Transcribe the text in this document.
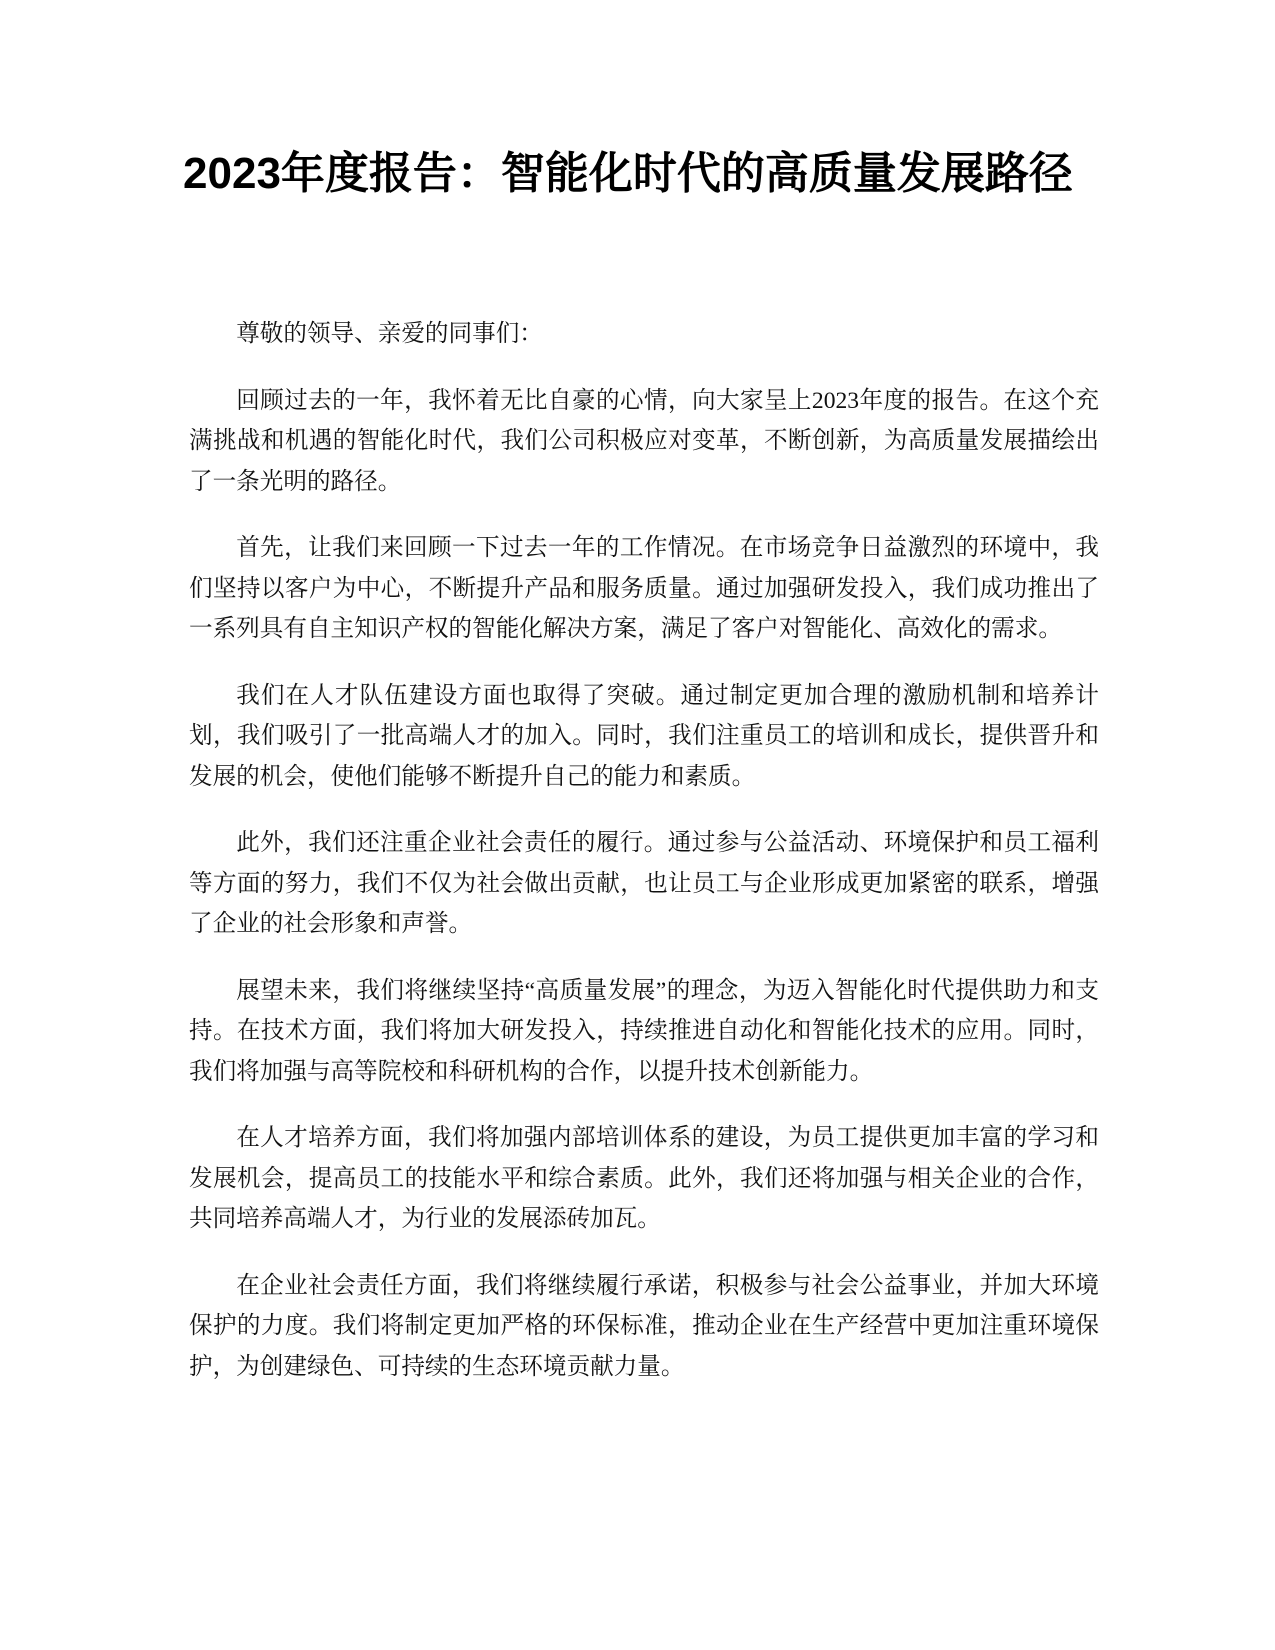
2023年度报告：智能化时代的高质量发展路径

尊敬的领导、亲爱的同事们：

回顾过去的一年，我怀着无比自豪的心情，向大家呈上2023年度的报告。在这个充满挑战和机遇的智能化时代，我们公司积极应对变革，不断创新，为高质量发展描绘出了一条光明的路径。

首先，让我们来回顾一下过去一年的工作情况。在市场竞争日益激烈的环境中，我们坚持以客户为中心，不断提升产品和服务质量。通过加强研发投入，我们成功推出了一系列具有自主知识产权的智能化解决方案，满足了客户对智能化、高效化的需求。

我们在人才队伍建设方面也取得了突破。通过制定更加合理的激励机制和培养计划，我们吸引了一批高端人才的加入。同时，我们注重员工的培训和成长，提供晋升和发展的机会，使他们能够不断提升自己的能力和素质。

此外，我们还注重企业社会责任的履行。通过参与公益活动、环境保护和员工福利等方面的努力，我们不仅为社会做出贡献，也让员工与企业形成更加紧密的联系，增强了企业的社会形象和声誉。

展望未来，我们将继续坚持“高质量发展”的理念，为迈入智能化时代提供助力和支持。在技术方面，我们将加大研发投入，持续推进自动化和智能化技术的应用。同时，我们将加强与高等院校和科研机构的合作，以提升技术创新能力。

在人才培养方面，我们将加强内部培训体系的建设，为员工提供更加丰富的学习和发展机会，提高员工的技能水平和综合素质。此外，我们还将加强与相关企业的合作，共同培养高端人才，为行业的发展添砖加瓦。

在企业社会责任方面，我们将继续履行承诺，积极参与社会公益事业，并加大环境保护的力度。我们将制定更加严格的环保标准，推动企业在生产经营中更加注重环境保护，为创建绿色、可持续的生态环境贡献力量。
